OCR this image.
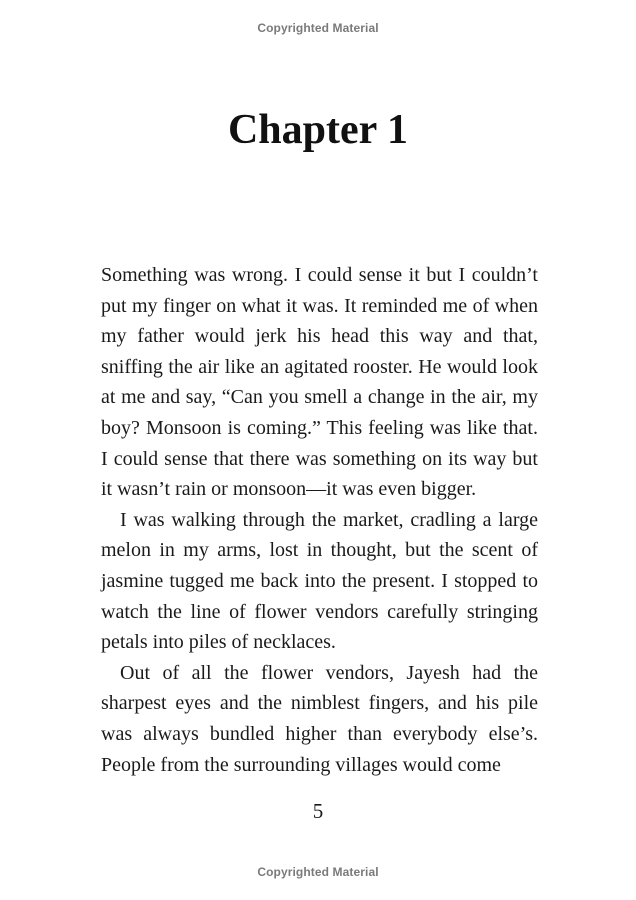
Copyrighted Material
Chapter 1

Something was wrong. I could sense it but I couldn’t put my finger on what it was. It reminded me of when my father would jerk his head this way and that, sniffing the air like an agitated rooster. He would look at me and say, “Can you smell a change in the air, my boy? Monsoon is coming.” This feeling was like that. I could sense that there was something on its way but it wasn’t rain or monsoon—it was even bigger.

I was walking through the market, cradling a large melon in my arms, lost in thought, but the scent of jasmine tugged me back into the present. I stopped to watch the line of flower vendors carefully stringing petals into piles of necklaces.

Out of all the flower vendors, Jayesh had the sharpest eyes and the nimblest fingers, and his pile was always bundled higher than everybody else’s. People from the surrounding villages would come

5
Copyrighted Material
